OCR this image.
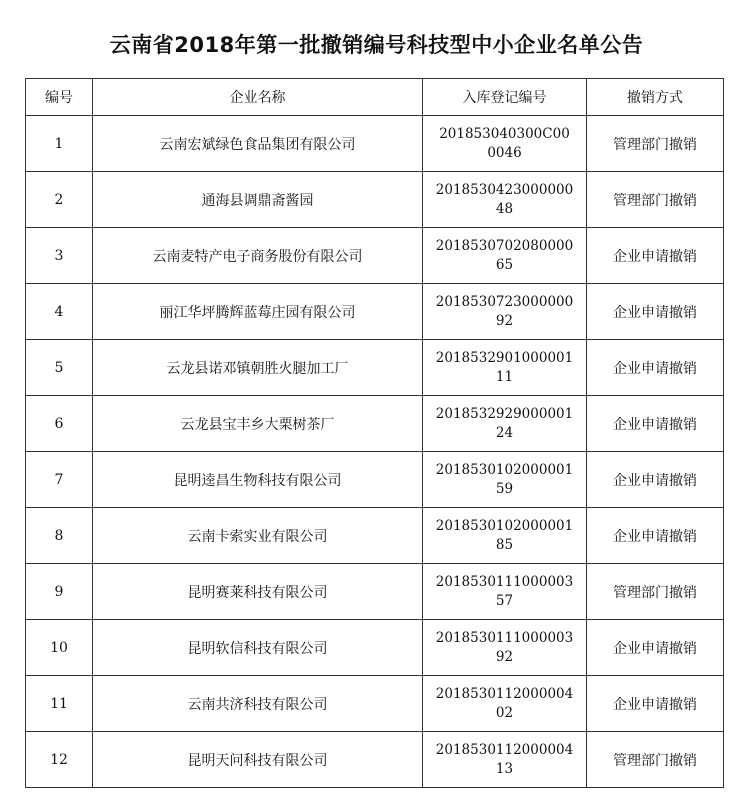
云南省2018年第一批撤销编号科技型中小企业名单公告
编号	企业名称	入库登记编号	撤销方式
1	云南宏斌绿色食品集团有限公司	201853040300C000046	管理部门撤销
2	通海县调鼎斋酱园	201853042300000048	管理部门撤销
3	云南麦特产电子商务股份有限公司	201853070208000065	企业申请撤销
4	丽江华坪腾辉蓝莓庄园有限公司	201853072300000092	企业申请撤销
5	云龙县诺邓镇朝胜火腿加工厂	201853290100000111	企业申请撤销
6	云龙县宝丰乡大栗树茶厂	201853292900000124	企业申请撤销
7	昆明逵昌生物科技有限公司	201853010200000159	企业申请撤销
8	云南卡索实业有限公司	201853010200000185	企业申请撤销
9	昆明赛莱科技有限公司	201853011100000357	管理部门撤销
10	昆明软信科技有限公司	201853011100000392	企业申请撤销
11	云南共济科技有限公司	201853011200000402	企业申请撤销
12	昆明天问科技有限公司	201853011200000413	管理部门撤销
